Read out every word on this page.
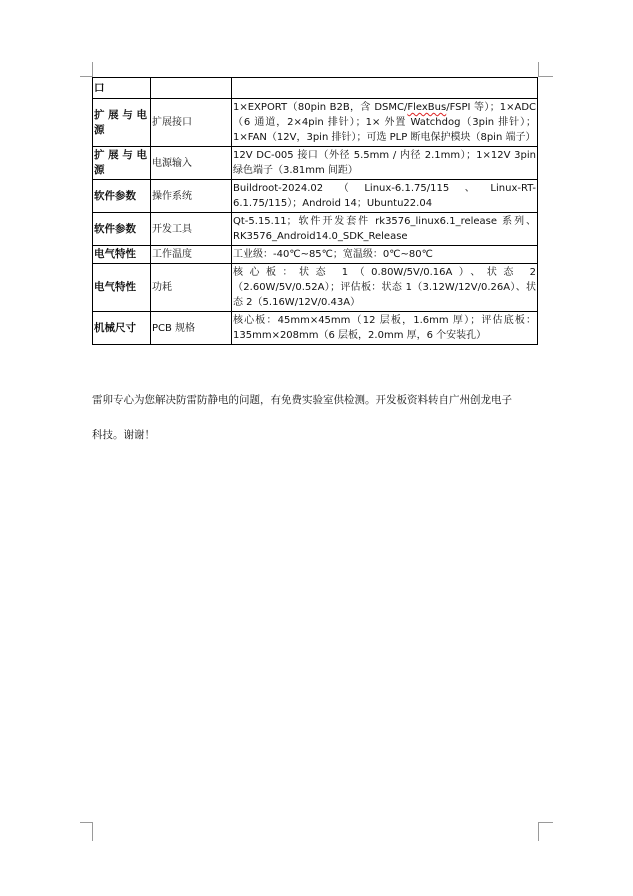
口		
扩 展 与 电 源	扩展接口	1×EXPORT（80pin B2B，含 DSMC/FlexBus/FSPI 等）；1×ADC（6 通道，2×4pin 排针）；1× 外置 Watchdog（3pin 排针）；1×FAN（12V，3pin 排针）；可选 PLP 断电保护模块（8pin 端子）
扩 展 与 电 源	电源输入	12V DC-005 接口（外径 5.5mm / 内径 2.1mm）；1×12V 3pin 绿色端子（3.81mm 间距）
软件参数	操作系统	Buildroot-2024.02（Linux-6.1.75/115、Linux-RT-6.1.75/115）；Android 14；Ubuntu22.04
软件参数	开发工具	Qt-5.15.11；软件开发套件 rk3576_linux6.1_release 系列、RK3576_Android14.0_SDK_Release
电气特性	工作温度	工业级：-40℃~85℃；宽温级：0℃~80℃
电气特性	功耗	核心板：状态 1（0.80W/5V/0.16A）、状态 2（2.60W/5V/0.52A）；评估板：状态 1（3.12W/12V/0.26A）、状态 2（5.16W/12V/0.43A）
机械尺寸	PCB 规格	核心板：45mm×45mm（12 层板，1.6mm 厚）；评估底板：135mm×208mm（6 层板，2.0mm 厚，6 个安装孔）

雷卯专心为您解决防雷防静电的问题，有免费实验室供检测。开发板资料转自广州创龙电子

科技。谢谢！
